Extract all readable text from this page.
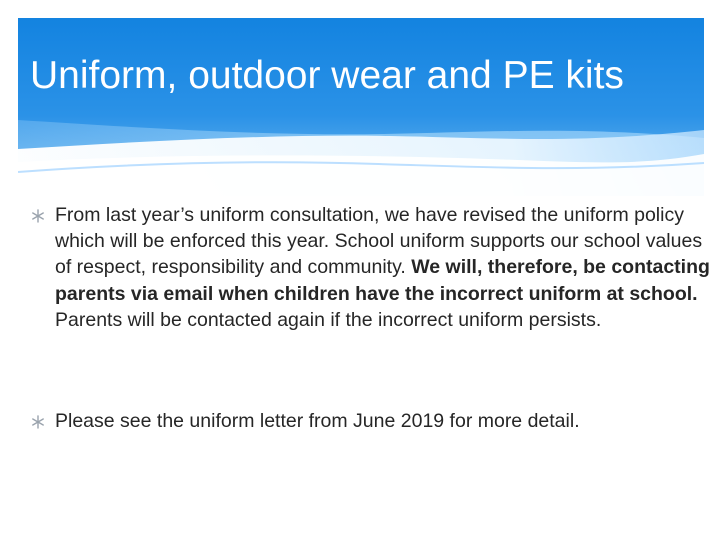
Uniform, outdoor wear and PE kits

From last year’s uniform consultation, we have revised the uniform policy which will be enforced this year. School uniform supports our school values of respect, responsibility and community. We will, therefore, be contacting parents via email when children have the incorrect uniform at school. Parents will be contacted again if the incorrect uniform persists.

Please see the uniform letter from June 2019 for more detail.
